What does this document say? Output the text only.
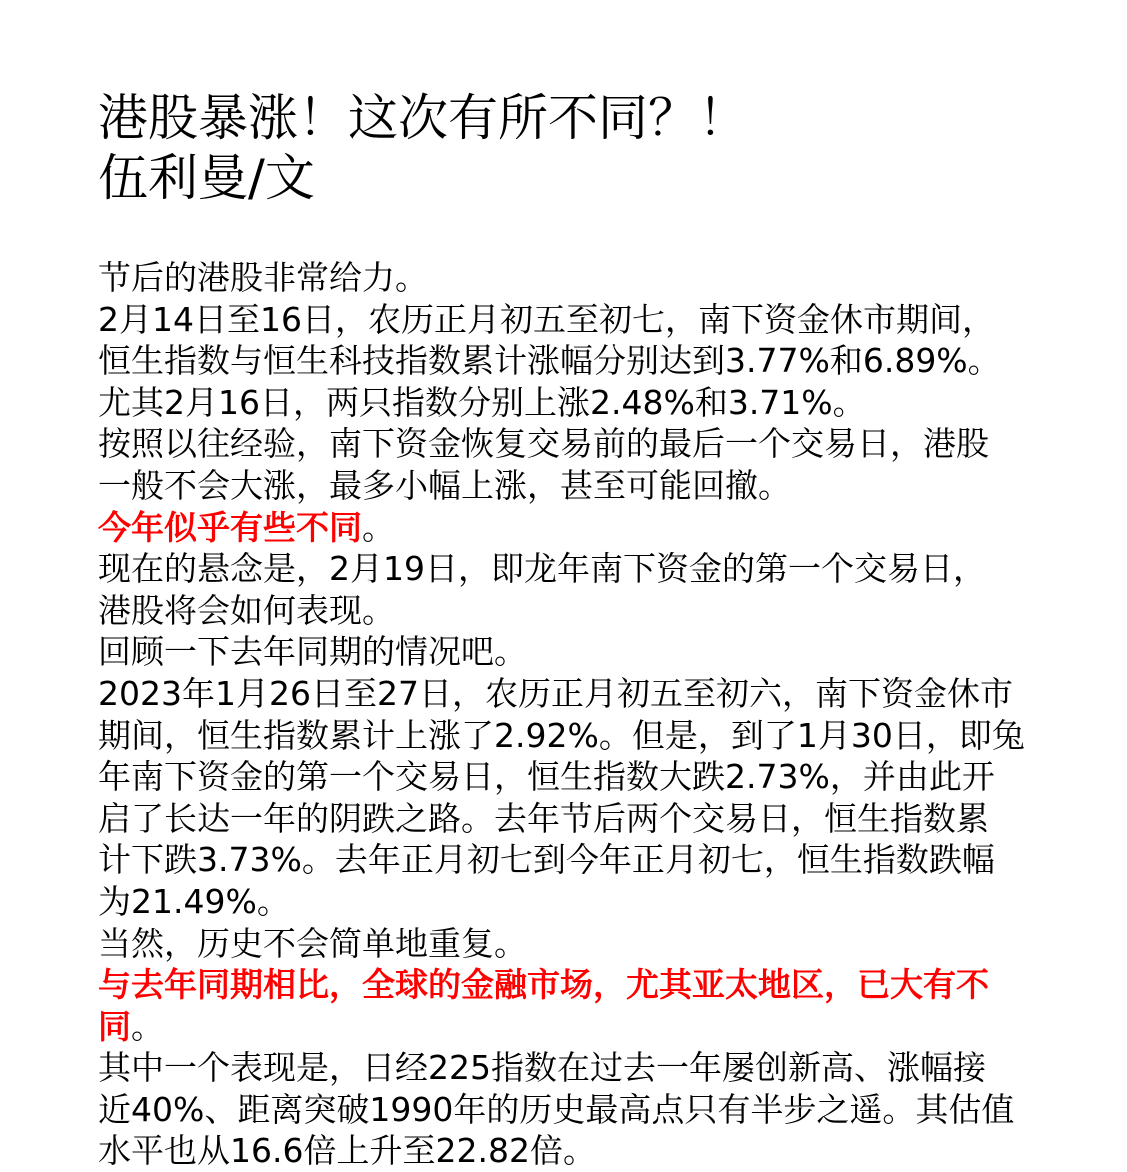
港股暴涨！这次有所不同？！
伍利曼/文
节后的港股非常给力。
2月14日至16日，农历正月初五至初七，南下资金休市期间，
恒生指数与恒生科技指数累计涨幅分别达到3.77%和6.89%。
尤其2月16日，两只指数分别上涨2.48%和3.71%。
按照以往经验，南下资金恢复交易前的最后一个交易日，港股
一般不会大涨，最多小幅上涨，甚至可能回撤。
今年似乎有些不同。
现在的悬念是，2月19日，即龙年南下资金的第一个交易日，
港股将会如何表现。
回顾一下去年同期的情况吧。
2023年1月26日至27日，农历正月初五至初六，南下资金休市
期间，恒生指数累计上涨了2.92%。但是，到了1月30日，即兔
年南下资金的第一个交易日，恒生指数大跌2.73%，并由此开
启了长达一年的阴跌之路。去年节后两个交易日，恒生指数累
计下跌3.73%。去年正月初七到今年正月初七，恒生指数跌幅
为21.49%。
当然，历史不会简单地重复。
与去年同期相比，全球的金融市场，尤其亚太地区，已大有不
同。
其中一个表现是，日经225指数在过去一年屡创新高、涨幅接
近40%、距离突破1990年的历史最高点只有半步之遥。其估值
水平也从16.6倍上升至22.82倍。
